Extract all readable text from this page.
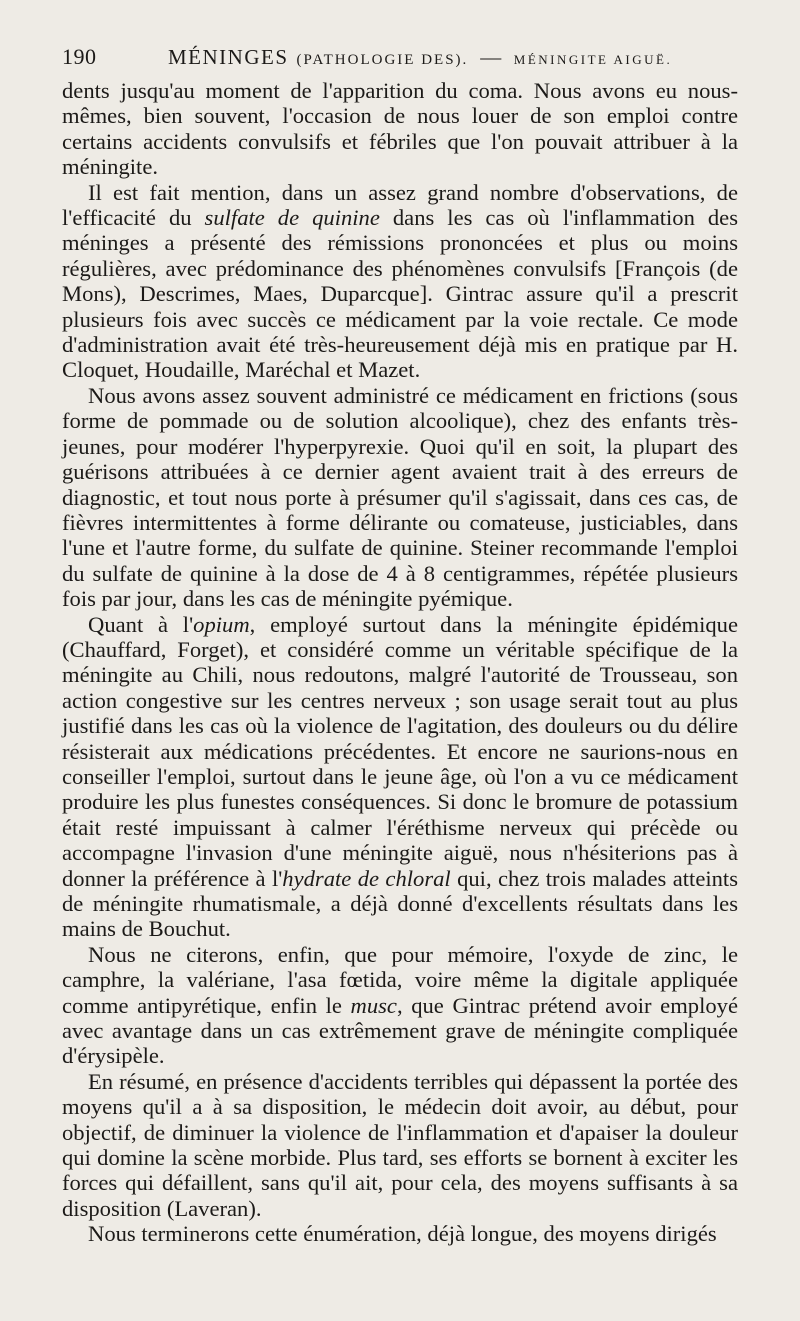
190	MÉNINGES (PATHOLOGIE DES). — MÉNINGITE AIGUË.

dents jusqu'au moment de l'apparition du coma. Nous avons eu nous-mêmes, bien souvent, l'occasion de nous louer de son emploi contre certains accidents convulsifs et fébriles que l'on pouvait attribuer à la méningite.

Il est fait mention, dans un assez grand nombre d'observations, de l'efficacité du sulfate de quinine dans les cas où l'inflammation des méninges a présenté des rémissions prononcées et plus ou moins régulières, avec prédominance des phénomènes convulsifs [François (de Mons), Descrimes, Maes, Duparcque]. Gintrac assure qu'il a prescrit plusieurs fois avec succès ce médicament par la voie rectale. Ce mode d'administration avait été très-heureusement déjà mis en pratique par H. Cloquet, Houdaille, Maréchal et Mazet.

Nous avons assez souvent administré ce médicament en frictions (sous forme de pommade ou de solution alcoolique), chez des enfants très-jeunes, pour modérer l'hyperpyrexie. Quoi qu'il en soit, la plupart des guérisons attribuées à ce dernier agent avaient trait à des erreurs de diagnostic, et tout nous porte à présumer qu'il s'agissait, dans ces cas, de fièvres intermittentes à forme délirante ou comateuse, justiciables, dans l'une et l'autre forme, du sulfate de quinine. Steiner recommande l'emploi du sulfate de quinine à la dose de 4 à 8 centigrammes, répétée plusieurs fois par jour, dans les cas de méningite pyémique.

Quant à l'opium, employé surtout dans la méningite épidémique (Chauffard, Forget), et considéré comme un véritable spécifique de la méningite au Chili, nous redoutons, malgré l'autorité de Trousseau, son action congestive sur les centres nerveux ; son usage serait tout au plus justifié dans les cas où la violence de l'agitation, des douleurs ou du délire résisterait aux médications précédentes. Et encore ne saurions-nous en conseiller l'emploi, surtout dans le jeune âge, où l'on a vu ce médicament produire les plus funestes conséquences. Si donc le bromure de potassium était resté impuissant à calmer l'éréthisme nerveux qui précède ou accompagne l'invasion d'une méningite aiguë, nous n'hésiterions pas à donner la préférence à l'hydrate de chloral qui, chez trois malades atteints de méningite rhumatismale, a déjà donné d'excellents résultats dans les mains de Bouchut.

Nous ne citerons, enfin, que pour mémoire, l'oxyde de zinc, le camphre, la valériane, l'asa fœtida, voire même la digitale appliquée comme antipyrétique, enfin le musc, que Gintrac prétend avoir employé avec avantage dans un cas extrêmement grave de méningite compliquée d'érysipèle.

En résumé, en présence d'accidents terribles qui dépassent la portée des moyens qu'il a à sa disposition, le médecin doit avoir, au début, pour objectif, de diminuer la violence de l'inflammation et d'apaiser la douleur qui domine la scène morbide. Plus tard, ses efforts se bornent à exciter les forces qui défaillent, sans qu'il ait, pour cela, des moyens suffisants à sa disposition (Laveran).

Nous terminerons cette énumération, déjà longue, des moyens dirigés
